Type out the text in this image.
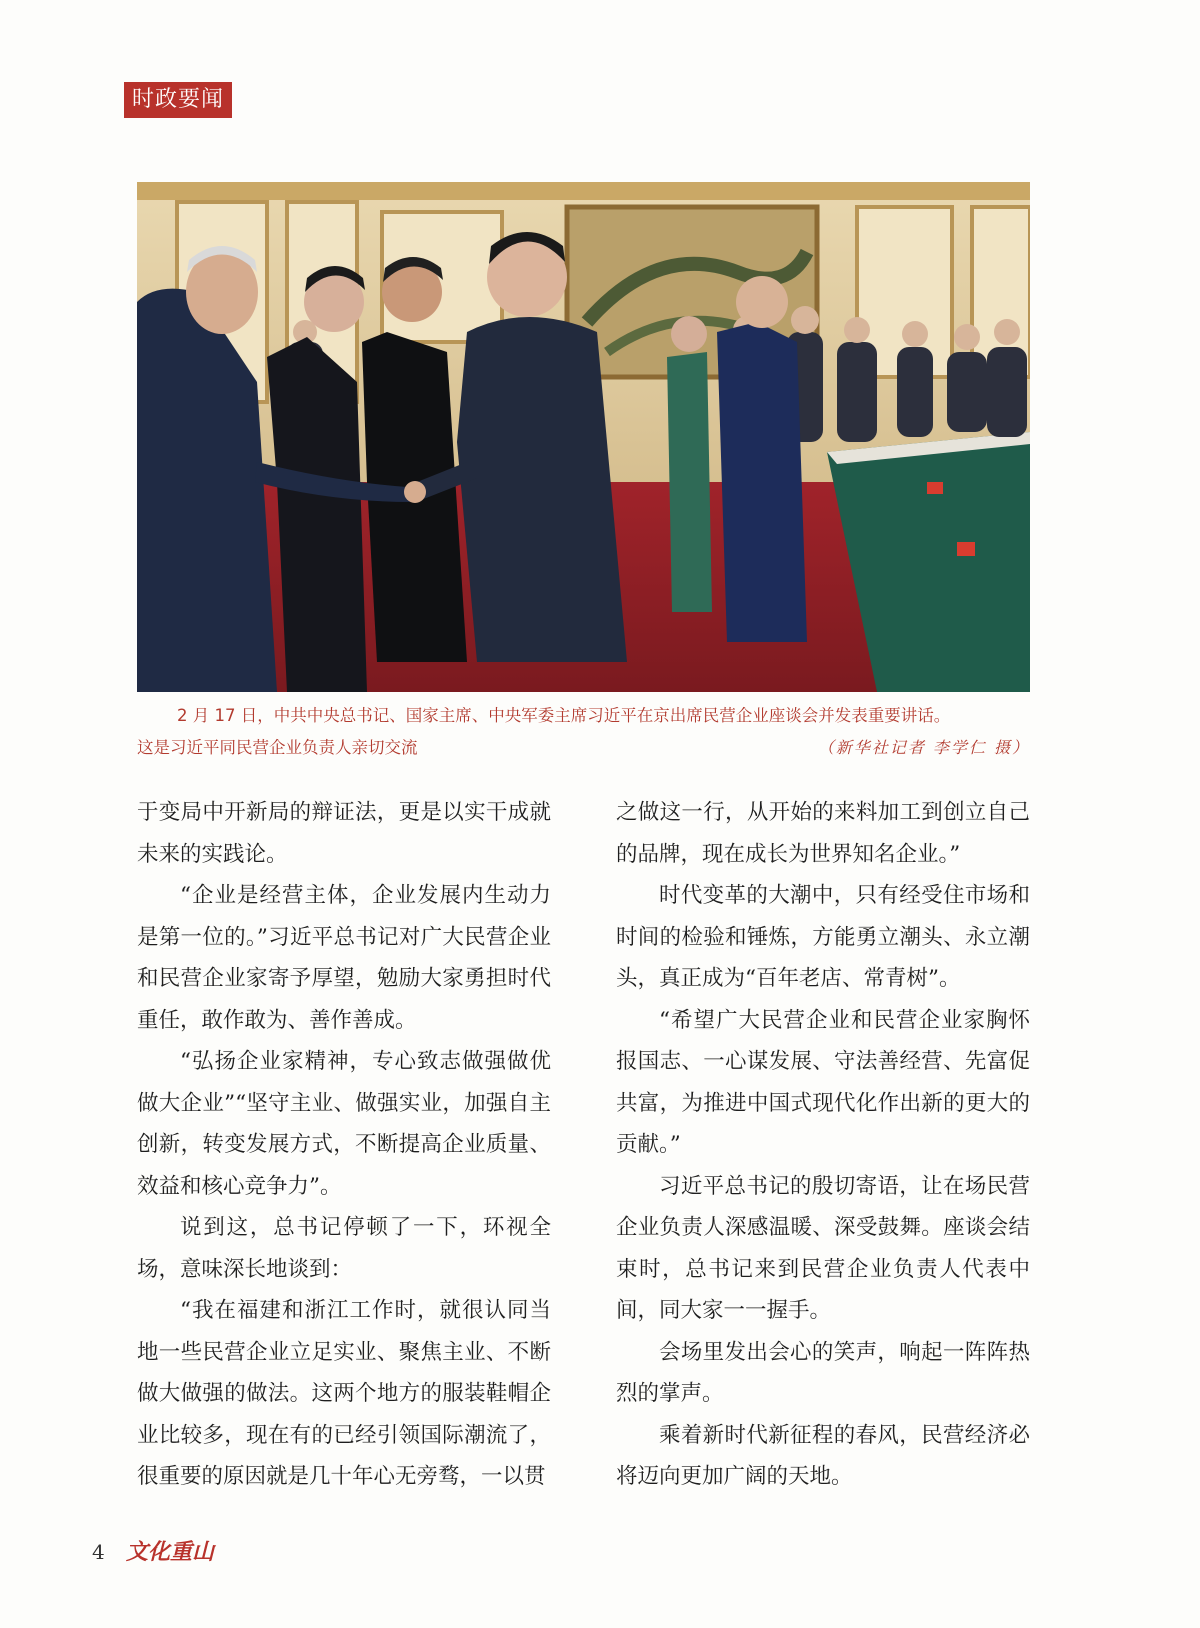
时政要闻
2 月 17 日，中共中央总书记、国家主席、中央军委主席习近平在京出席民营企业座谈会并发表重要讲话。
这是习近平同民营企业负责人亲切交流	（新华社记者 李学仁 摄）

于变局中开新局的辩证法，更是以实干成就未来的实践论。

“企业是经营主体，企业发展内生动力是第一位的。”习近平总书记对广大民营企业和民营企业家寄予厚望，勉励大家勇担时代重任，敢作敢为、善作善成。

“弘扬企业家精神，专心致志做强做优做大企业”“坚守主业、做强实业，加强自主创新，转变发展方式，不断提高企业质量、效益和核心竞争力”。

说到这，总书记停顿了一下，环视全场，意味深长地谈到：

“我在福建和浙江工作时，就很认同当地一些民营企业立足实业、聚焦主业、不断做大做强的做法。这两个地方的服装鞋帽企业比较多，现在有的已经引领国际潮流了，很重要的原因就是几十年心无旁骛，一以贯

之做这一行，从开始的来料加工到创立自己的品牌，现在成长为世界知名企业。”

时代变革的大潮中，只有经受住市场和时间的检验和锤炼，方能勇立潮头、永立潮头，真正成为“百年老店、常青树”。

“希望广大民营企业和民营企业家胸怀报国志、一心谋发展、守法善经营、先富促共富，为推进中国式现代化作出新的更大的贡献。”

习近平总书记的殷切寄语，让在场民营企业负责人深感温暖、深受鼓舞。座谈会结束时，总书记来到民营企业负责人代表中间，同大家一一握手。

会场里发出会心的笑声，响起一阵阵热烈的掌声。

乘着新时代新征程的春风，民营经济必将迈向更加广阔的天地。

4 文化重山
